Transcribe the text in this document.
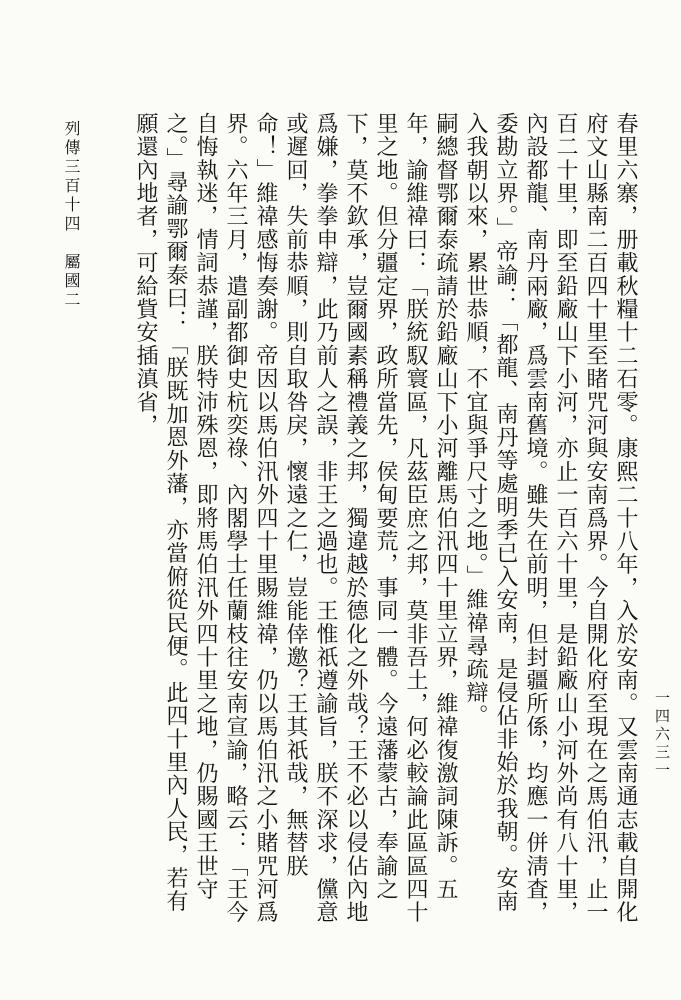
春里六寨，册載秋糧十二石零。康熙二十八年，入於安南。又雲南通志載自開化府文山縣南二百四十里至睹咒河與安南爲界。今自開化府至現在之馬伯汛，止一百二十里，即至鉛廠山下小河，亦止一百六十里，是鉛廠山小河外尚有八十里，內設都龍、南丹兩廠，爲雲南舊境。雖失在前明，但封疆所係，均應一併淸査，委勘立界。」帝諭：「都龍、南丹等處明季已入安南，是侵佔非始於我朝。安南入我朝以來，累世恭順，不宜與爭尺寸之地。」維禕尋疏辯。

嗣總督鄂爾泰疏請於鉛廠山下小河離馬伯汛四十里立界，維禕復激詞陳訴。五年，諭維禕曰：「朕統馭寰區，凡茲臣庶之邦，莫非吾土，何必較論此區區四十里之地。但分疆定界，政所當先，侯甸要荒，事同一體。今遠藩蒙古，奉諭之下，莫不欽承，豈爾國素稱禮義之邦，獨違越於德化之外哉？王不必以侵佔內地爲嫌，拳拳申辯，此乃前人之誤，非王之過也。王惟祇遵諭旨，朕不深求，儻意或遲回，失前恭順，則自取咎戾，懷遠之仁，豈能倖邀？王其祇哉，無替朕命！」維禕感悔奏謝。帝因以馬伯汛外四十里賜維禕，仍以馬伯汛之小賭咒河爲界。六年三月，遣副都御史杭奕祿、內閣學士任蘭枝往安南宣諭，略云：「王今自悔執迷，情詞恭謹，朕特沛殊恩，即將馬伯汛外四十里之地，仍賜國王世守之。」尋諭鄂爾泰曰：「朕既加恩外藩，亦當俯從民便。此四十里內人民，若有願還內地者，可給貲安插滇省，

列傳三百十四　屬國二
一四六三一
